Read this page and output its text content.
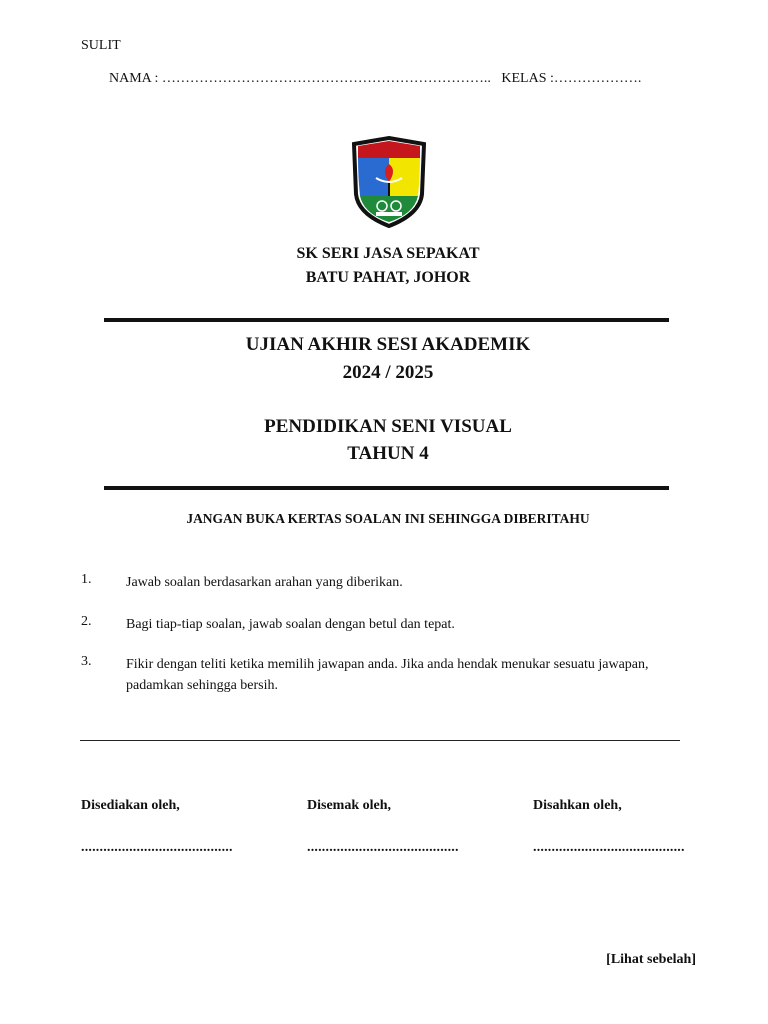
SULIT
NAMA : ……………………………………………………………..   KELAS :……………….
SK SERI JASA SEPAKAT
BATU PAHAT, JOHOR
UJIAN AKHIR SESI AKADEMIK
2024 / 2025
PENDIDIKAN SENI VISUAL
TAHUN 4
JANGAN BUKA KERTAS SOALAN INI SEHINGGA DIBERITAHU
1. Jawab soalan berdasarkan arahan yang diberikan.
2. Bagi tiap-tiap soalan, jawab soalan dengan betul dan tepat.
3. Fikir dengan teliti ketika memilih jawapan anda. Jika anda hendak menukar sesuatu jawapan, padamkan sehingga bersih.
Disediakan oleh,	Disemak oleh,	Disahkan oleh,
.........................................	.........................................	.........................................
[Lihat sebelah]
